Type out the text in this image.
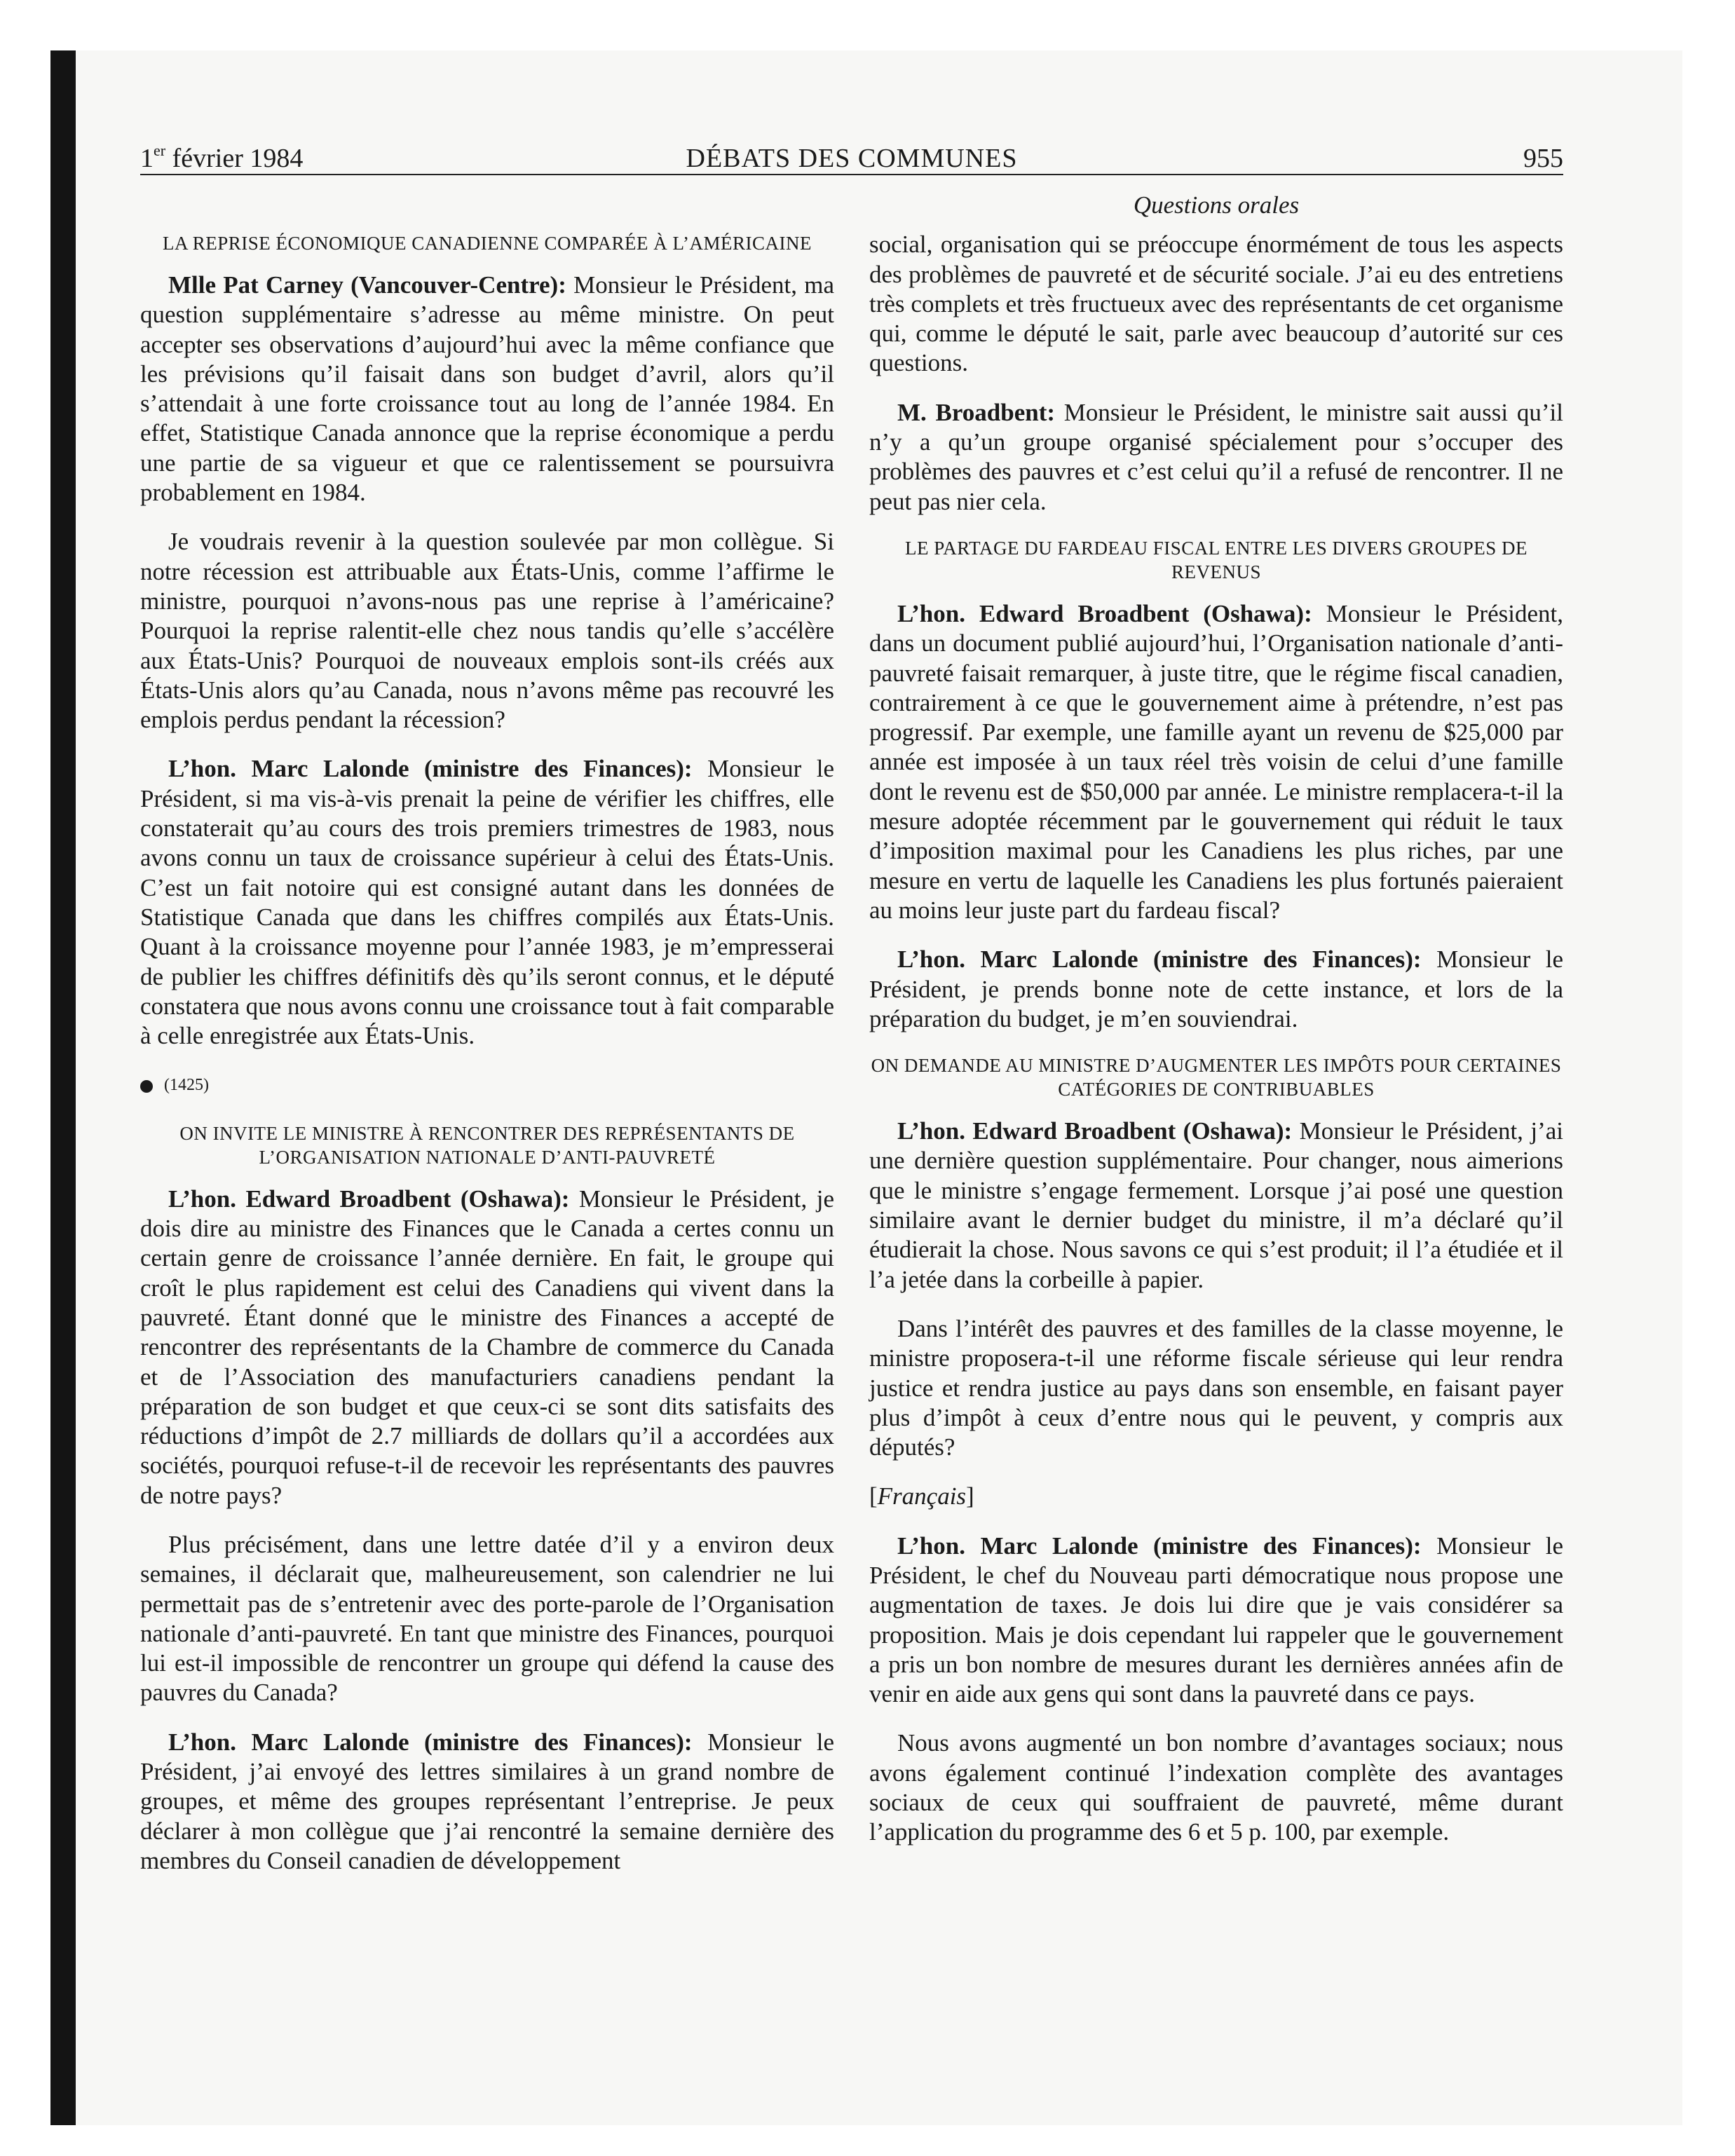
1er février 1984	DÉBATS DES COMMUNES	955
LA REPRISE ÉCONOMIQUE CANADIENNE COMPARÉE À L’AMÉRICAINE

Mlle Pat Carney (Vancouver-Centre): Monsieur le Président, ma question supplémentaire s’adresse au même ministre. On peut accepter ses observations d’aujourd’hui avec la même confiance que les prévisions qu’il faisait dans son budget d’avril, alors qu’il s’attendait à une forte croissance tout au long de l’année 1984. En effet, Statistique Canada annonce que la reprise économique a perdu une partie de sa vigueur et que ce ralentissement se poursuivra probablement en 1984.

Je voudrais revenir à la question soulevée par mon collègue. Si notre récession est attribuable aux États-Unis, comme l’affirme le ministre, pourquoi n’avons-nous pas une reprise à l’américaine? Pourquoi la reprise ralentit-elle chez nous tandis qu’elle s’accélère aux États-Unis? Pourquoi de nouveaux emplois sont-ils créés aux États-Unis alors qu’au Canada, nous n’avons même pas recouvré les emplois perdus pendant la récession?

L’hon. Marc Lalonde (ministre des Finances): Monsieur le Président, si ma vis-à-vis prenait la peine de vérifier les chiffres, elle constaterait qu’au cours des trois premiers trimestres de 1983, nous avons connu un taux de croissance supérieur à celui des États-Unis. C’est un fait notoire qui est consigné autant dans les données de Statistique Canada que dans les chiffres compilés aux États-Unis. Quant à la croissance moyenne pour l’année 1983, je m’empresserai de publier les chiffres définitifs dès qu’ils seront connus, et le député constatera que nous avons connu une croissance tout à fait comparable à celle enregistrée aux États-Unis.

(1425)
ON INVITE LE MINISTRE À RENCONTRER DES REPRÉSENTANTS DE L’ORGANISATION NATIONALE D’ANTI-PAUVRETÉ

L’hon. Edward Broadbent (Oshawa): Monsieur le Président, je dois dire au ministre des Finances que le Canada a certes connu un certain genre de croissance l’année dernière. En fait, le groupe qui croît le plus rapidement est celui des Canadiens qui vivent dans la pauvreté. Étant donné que le ministre des Finances a accepté de rencontrer des représentants de la Chambre de commerce du Canada et de l’Association des manufacturiers canadiens pendant la préparation de son budget et que ceux-ci se sont dits satisfaits des réductions d’impôt de 2.7 milliards de dollars qu’il a accordées aux sociétés, pourquoi refuse-t-il de recevoir les représentants des pauvres de notre pays?

Plus précisément, dans une lettre datée d’il y a environ deux semaines, il déclarait que, malheureusement, son calendrier ne lui permettait pas de s’entretenir avec des porte-parole de l’Organisation nationale d’anti-pauvreté. En tant que ministre des Finances, pourquoi lui est-il impossible de rencontrer un groupe qui défend la cause des pauvres du Canada?

L’hon. Marc Lalonde (ministre des Finances): Monsieur le Président, j’ai envoyé des lettres similaires à un grand nombre de groupes, et même des groupes représentant l’entreprise. Je peux déclarer à mon collègue que j’ai rencontré la semaine dernière des membres du Conseil canadien de développement

Questions orales

social, organisation qui se préoccupe énormément de tous les aspects des problèmes de pauvreté et de sécurité sociale. J’ai eu des entretiens très complets et très fructueux avec des représentants de cet organisme qui, comme le député le sait, parle avec beaucoup d’autorité sur ces questions.

M. Broadbent: Monsieur le Président, le ministre sait aussi qu’il n’y a qu’un groupe organisé spécialement pour s’occuper des problèmes des pauvres et c’est celui qu’il a refusé de rencontrer. Il ne peut pas nier cela.

LE PARTAGE DU FARDEAU FISCAL ENTRE LES DIVERS GROUPES DE REVENUS

L’hon. Edward Broadbent (Oshawa): Monsieur le Président, dans un document publié aujourd’hui, l’Organisation nationale d’anti-pauvreté faisait remarquer, à juste titre, que le régime fiscal canadien, contrairement à ce que le gouvernement aime à prétendre, n’est pas progressif. Par exemple, une famille ayant un revenu de $25,000 par année est imposée à un taux réel très voisin de celui d’une famille dont le revenu est de $50,000 par année. Le ministre remplacera-t-il la mesure adoptée récemment par le gouvernement qui réduit le taux d’imposition maximal pour les Canadiens les plus riches, par une mesure en vertu de laquelle les Canadiens les plus fortunés paieraient au moins leur juste part du fardeau fiscal?

L’hon. Marc Lalonde (ministre des Finances): Monsieur le Président, je prends bonne note de cette instance, et lors de la préparation du budget, je m’en souviendrai.

ON DEMANDE AU MINISTRE D’AUGMENTER LES IMPÔTS POUR CERTAINES CATÉGORIES DE CONTRIBUABLES

L’hon. Edward Broadbent (Oshawa): Monsieur le Président, j’ai une dernière question supplémentaire. Pour changer, nous aimerions que le ministre s’engage fermement. Lorsque j’ai posé une question similaire avant le dernier budget du ministre, il m’a déclaré qu’il étudierait la chose. Nous savons ce qui s’est produit; il l’a étudiée et il l’a jetée dans la corbeille à papier.

Dans l’intérêt des pauvres et des familles de la classe moyenne, le ministre proposera-t-il une réforme fiscale sérieuse qui leur rendra justice et rendra justice au pays dans son ensemble, en faisant payer plus d’impôt à ceux d’entre nous qui le peuvent, y compris aux députés?

[Français]

L’hon. Marc Lalonde (ministre des Finances): Monsieur le Président, le chef du Nouveau parti démocratique nous propose une augmentation de taxes. Je dois lui dire que je vais considérer sa proposition. Mais je dois cependant lui rappeler que le gouvernement a pris un bon nombre de mesures durant les dernières années afin de venir en aide aux gens qui sont dans la pauvreté dans ce pays.

Nous avons augmenté un bon nombre d’avantages sociaux; nous avons également continué l’indexation complète des avantages sociaux de ceux qui souffraient de pauvreté, même durant l’application du programme des 6 et 5 p. 100, par exemple.
